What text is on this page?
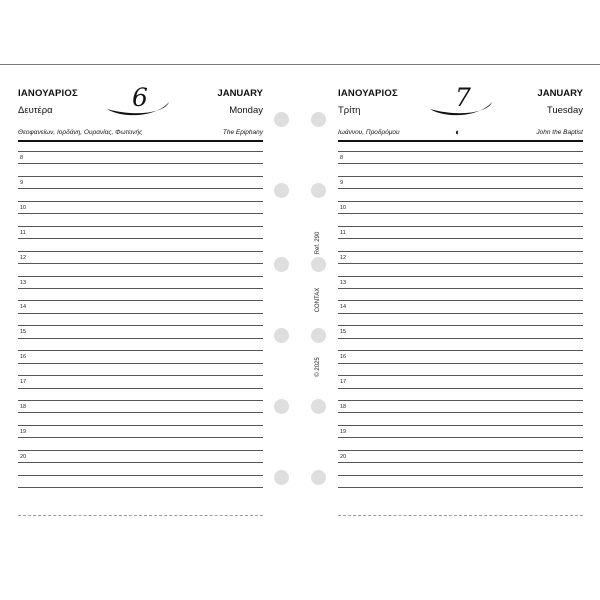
ΙΑΝΟΥΑΡΙΟΣ	JANUARY
Δευτέρα	Monday
6
Θεοφανείων, Ιορδάνη, Ουρανίας, Φωτεινής	The Epiphany
8
9
10
11
12
13
14
15
16
17
18
19
20
Ref. 290
CONTAX
© 2025
ΙΑΝΟΥΑΡΙΟΣ	JANUARY
Τρίτη	Tuesday
7
Ιωάννου, Προδρόμου	◐	John the Baptist
8
9
10
11
12
13
14
15
16
17
18
19
20
